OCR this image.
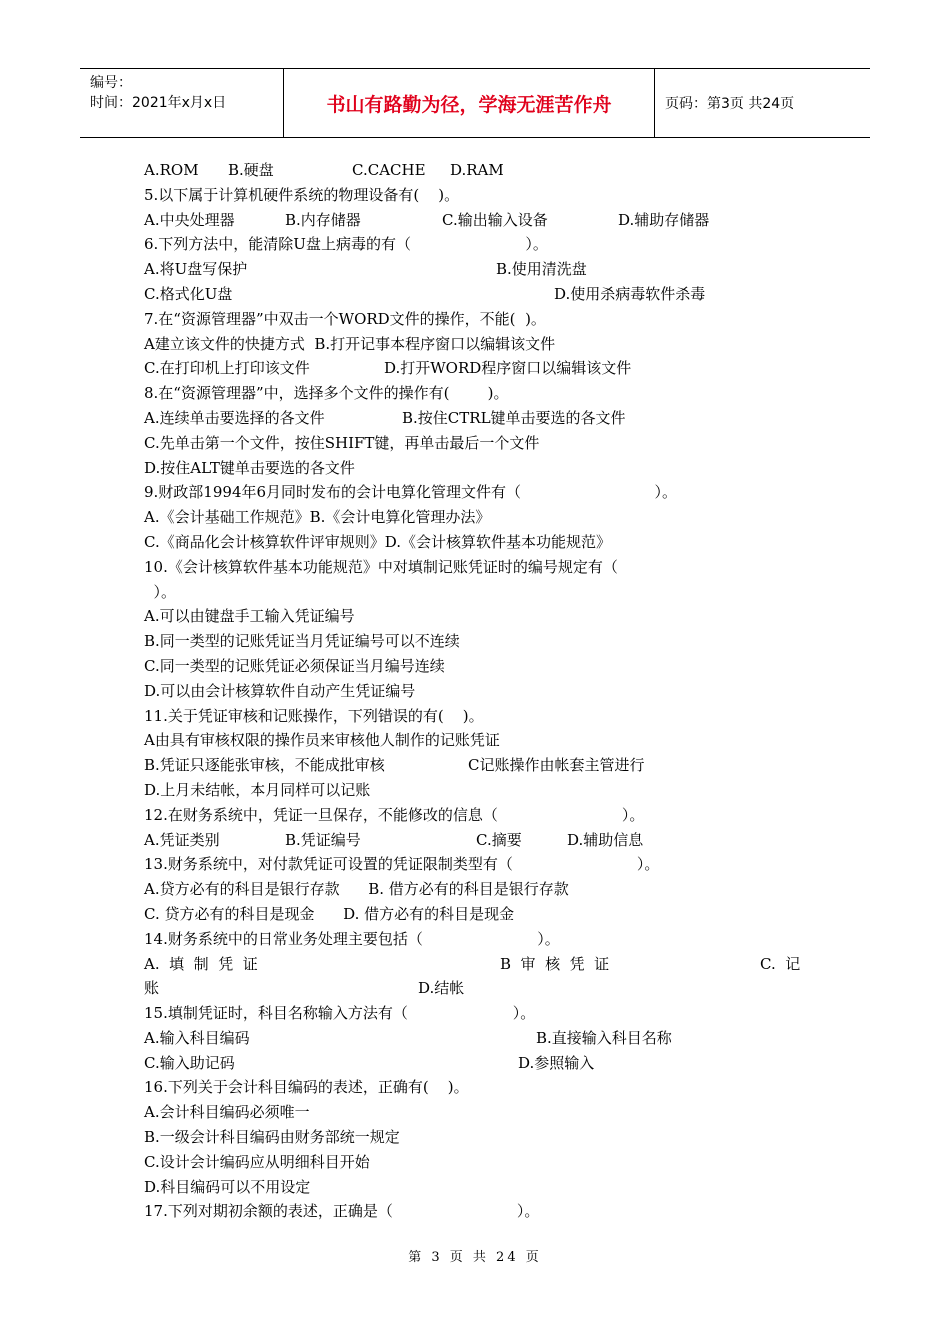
编号：
时间：2021年x月x日	书山有路勤为径，学海无涯苦作舟	页码：第3页 共24页
A.ROM B.硬盘	C.CACHE D.RAM
5.以下属于计算机硬件系统的物理设备有(    )。
A.中央处理器	B.内存储器	C.输出输入设备	D.辅助存储器
6.下列方法中，能清除U盘上病毒的有（                        ）。
A.将U盘写保护	B.使用清洗盘
C.格式化U盘	D.使用杀病毒软件杀毒
7.在“资源管理器”中双击一个WORD文件的操作，不能(  )。
A建立该文件的快捷方式  B.打开记事本程序窗口以编辑该文件
C.在打印机上打印该文件	D.打开WORD程序窗口以编辑该文件
8.在“资源管理器”中，选择多个文件的操作有(        )。
A.连续单击要选择的各文件	B.按住CTRL键单击要选的各文件
C.先单击第一个文件，按住SHIFT键，再单击最后一个文件
D.按住ALT键单击要选的各文件
9.财政部1994年6月同时发布的会计电算化管理文件有（                            ）。
A.《会计基础工作规范》B.《会计电算化管理办法》
C.《商品化会计核算软件评审规则》D.《会计核算软件基本功能规范》
10.《会计核算软件基本功能规范》中对填制记账凭证时的编号规定有（
）。
A.可以由键盘手工输入凭证编号
B.同一类型的记账凭证当月凭证编号可以不连续
C.同一类型的记账凭证必须保证当月编号连续
D.可以由会计核算软件自动产生凭证编号
11.关于凭证审核和记账操作，下列错误的有(    )。
A由具有审核权限的操作员来审核他人制作的记账凭证
B.凭证只逐能张审核，不能成批审核	C记账操作由帐套主管进行
D.上月未结帐，本月同样可以记账
12.在财务系统中，凭证一旦保存，不能修改的信息（                          ）。
A.凭证类别	B.凭证编号	C.摘要	D.辅助信息
13.财务系统中，对付款凭证可设置的凭证限制类型有（                          ）。
A.贷方必有的科目是银行存款      B. 借方必有的科目是银行存款
C. 贷方必有的科目是现金      D. 借方必有的科目是现金
14.财务系统中的日常业务处理主要包括（                        ）。
A.  填  制  凭  证	B  审  核  凭  证	C.  记
账	D.结帐
15.填制凭证时，科目名称输入方法有（                      ）。
A.输入科目编码	B.直接输入科目名称
C.输入助记码	D.参照输入
16.下列关于会计科目编码的表述，正确有(    )。
A.会计科目编码必须唯一
B.一级会计科目编码由财务部统一规定
C.设计会计编码应从明细科目开始
D.科目编码可以不用设定
17.下列对期初余额的表述，正确是（                          ）。
第 3 页 共 24 页
